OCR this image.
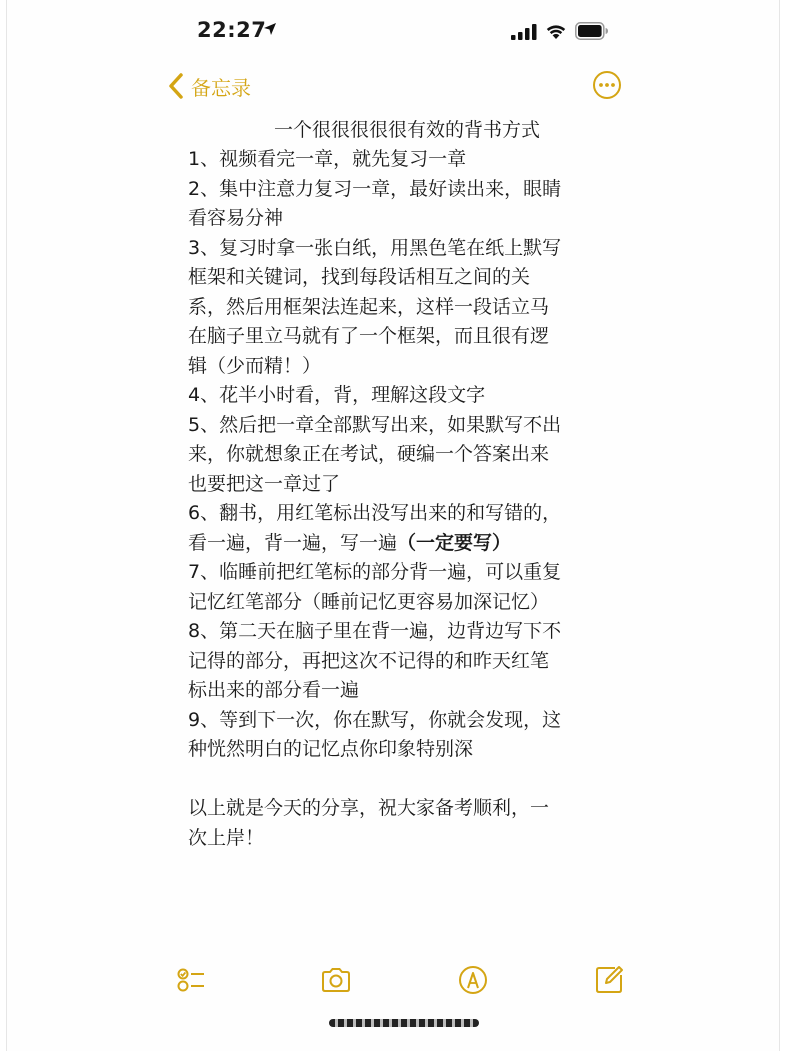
22:27
备忘录

一个很很很很很有效的背书方式

1、视频看完一章，就先复习一章

2、集中注意力复习一章，最好读出来，眼睛

看容易分神

3、复习时拿一张白纸，用黑色笔在纸上默写

框架和关键词，找到每段话相互之间的关

系，然后用框架法连起来，这样一段话立马

在脑子里立马就有了一个框架，而且很有逻

辑（少而精！）

4、花半小时看，背，理解这段文字

5、然后把一章全部默写出来，如果默写不出

来，你就想象正在考试，硬编一个答案出来

也要把这一章过了

6、翻书，用红笔标出没写出来的和写错的，

看一遍，背一遍，写一遍（一定要写）

7、临睡前把红笔标的部分背一遍，可以重复

记忆红笔部分（睡前记忆更容易加深记忆）

8、第二天在脑子里在背一遍，边背边写下不

记得的部分，再把这次不记得的和昨天红笔

标出来的部分看一遍

9、等到下一次，你在默写，你就会发现，这

种恍然明白的记忆点你印象特别深

以上就是今天的分享，祝大家备考顺利，一

次上岸！
